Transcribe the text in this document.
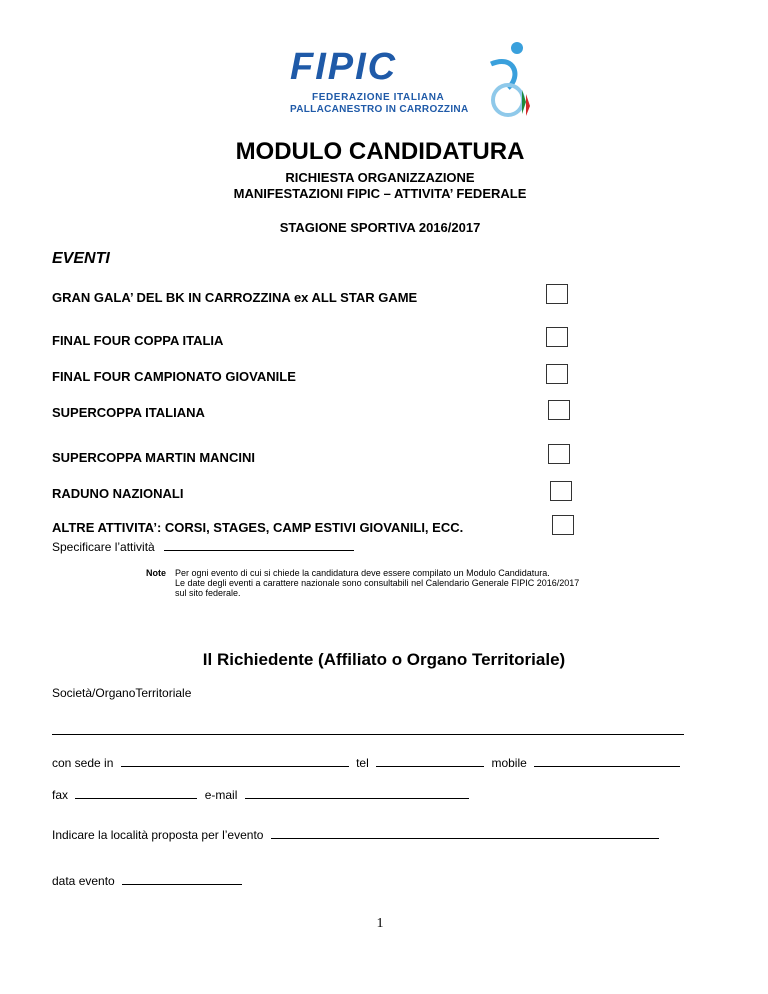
FIPIC
FEDERAZIONE ITALIANA
PALLACANESTRO IN CARROZZINA
MODULO CANDIDATURA
RICHIESTA ORGANIZZAZIONE
MANIFESTAZIONI FIPIC – ATTIVITA’ FEDERALE
STAGIONE SPORTIVA 2016/2017
EVENTI
GRAN GALA’ DEL BK IN CARROZZINA ex ALL STAR GAME
FINAL FOUR COPPA ITALIA
FINAL FOUR CAMPIONATO GIOVANILE
SUPERCOPPA ITALIANA
SUPERCOPPA MARTIN MANCINI
RADUNO NAZIONALI
ALTRE ATTIVITA’: CORSI, STAGES, CAMP ESTIVI GIOVANILI, ECC.
Specificare l’attività
Note Per ogni evento di cui si chiede la candidatura deve essere compilato un Modulo Candidatura.
Le date degli eventi a carattere nazionale sono consultabili nel Calendario Generale FIPIC 2016/2017
sul sito federale.
Il Richiedente (Affiliato o Organo Territoriale)
Società/OrganoTerritoriale
con sede in	tel	mobile
fax	e-mail
Indicare la località proposta per l’evento
data evento
1
